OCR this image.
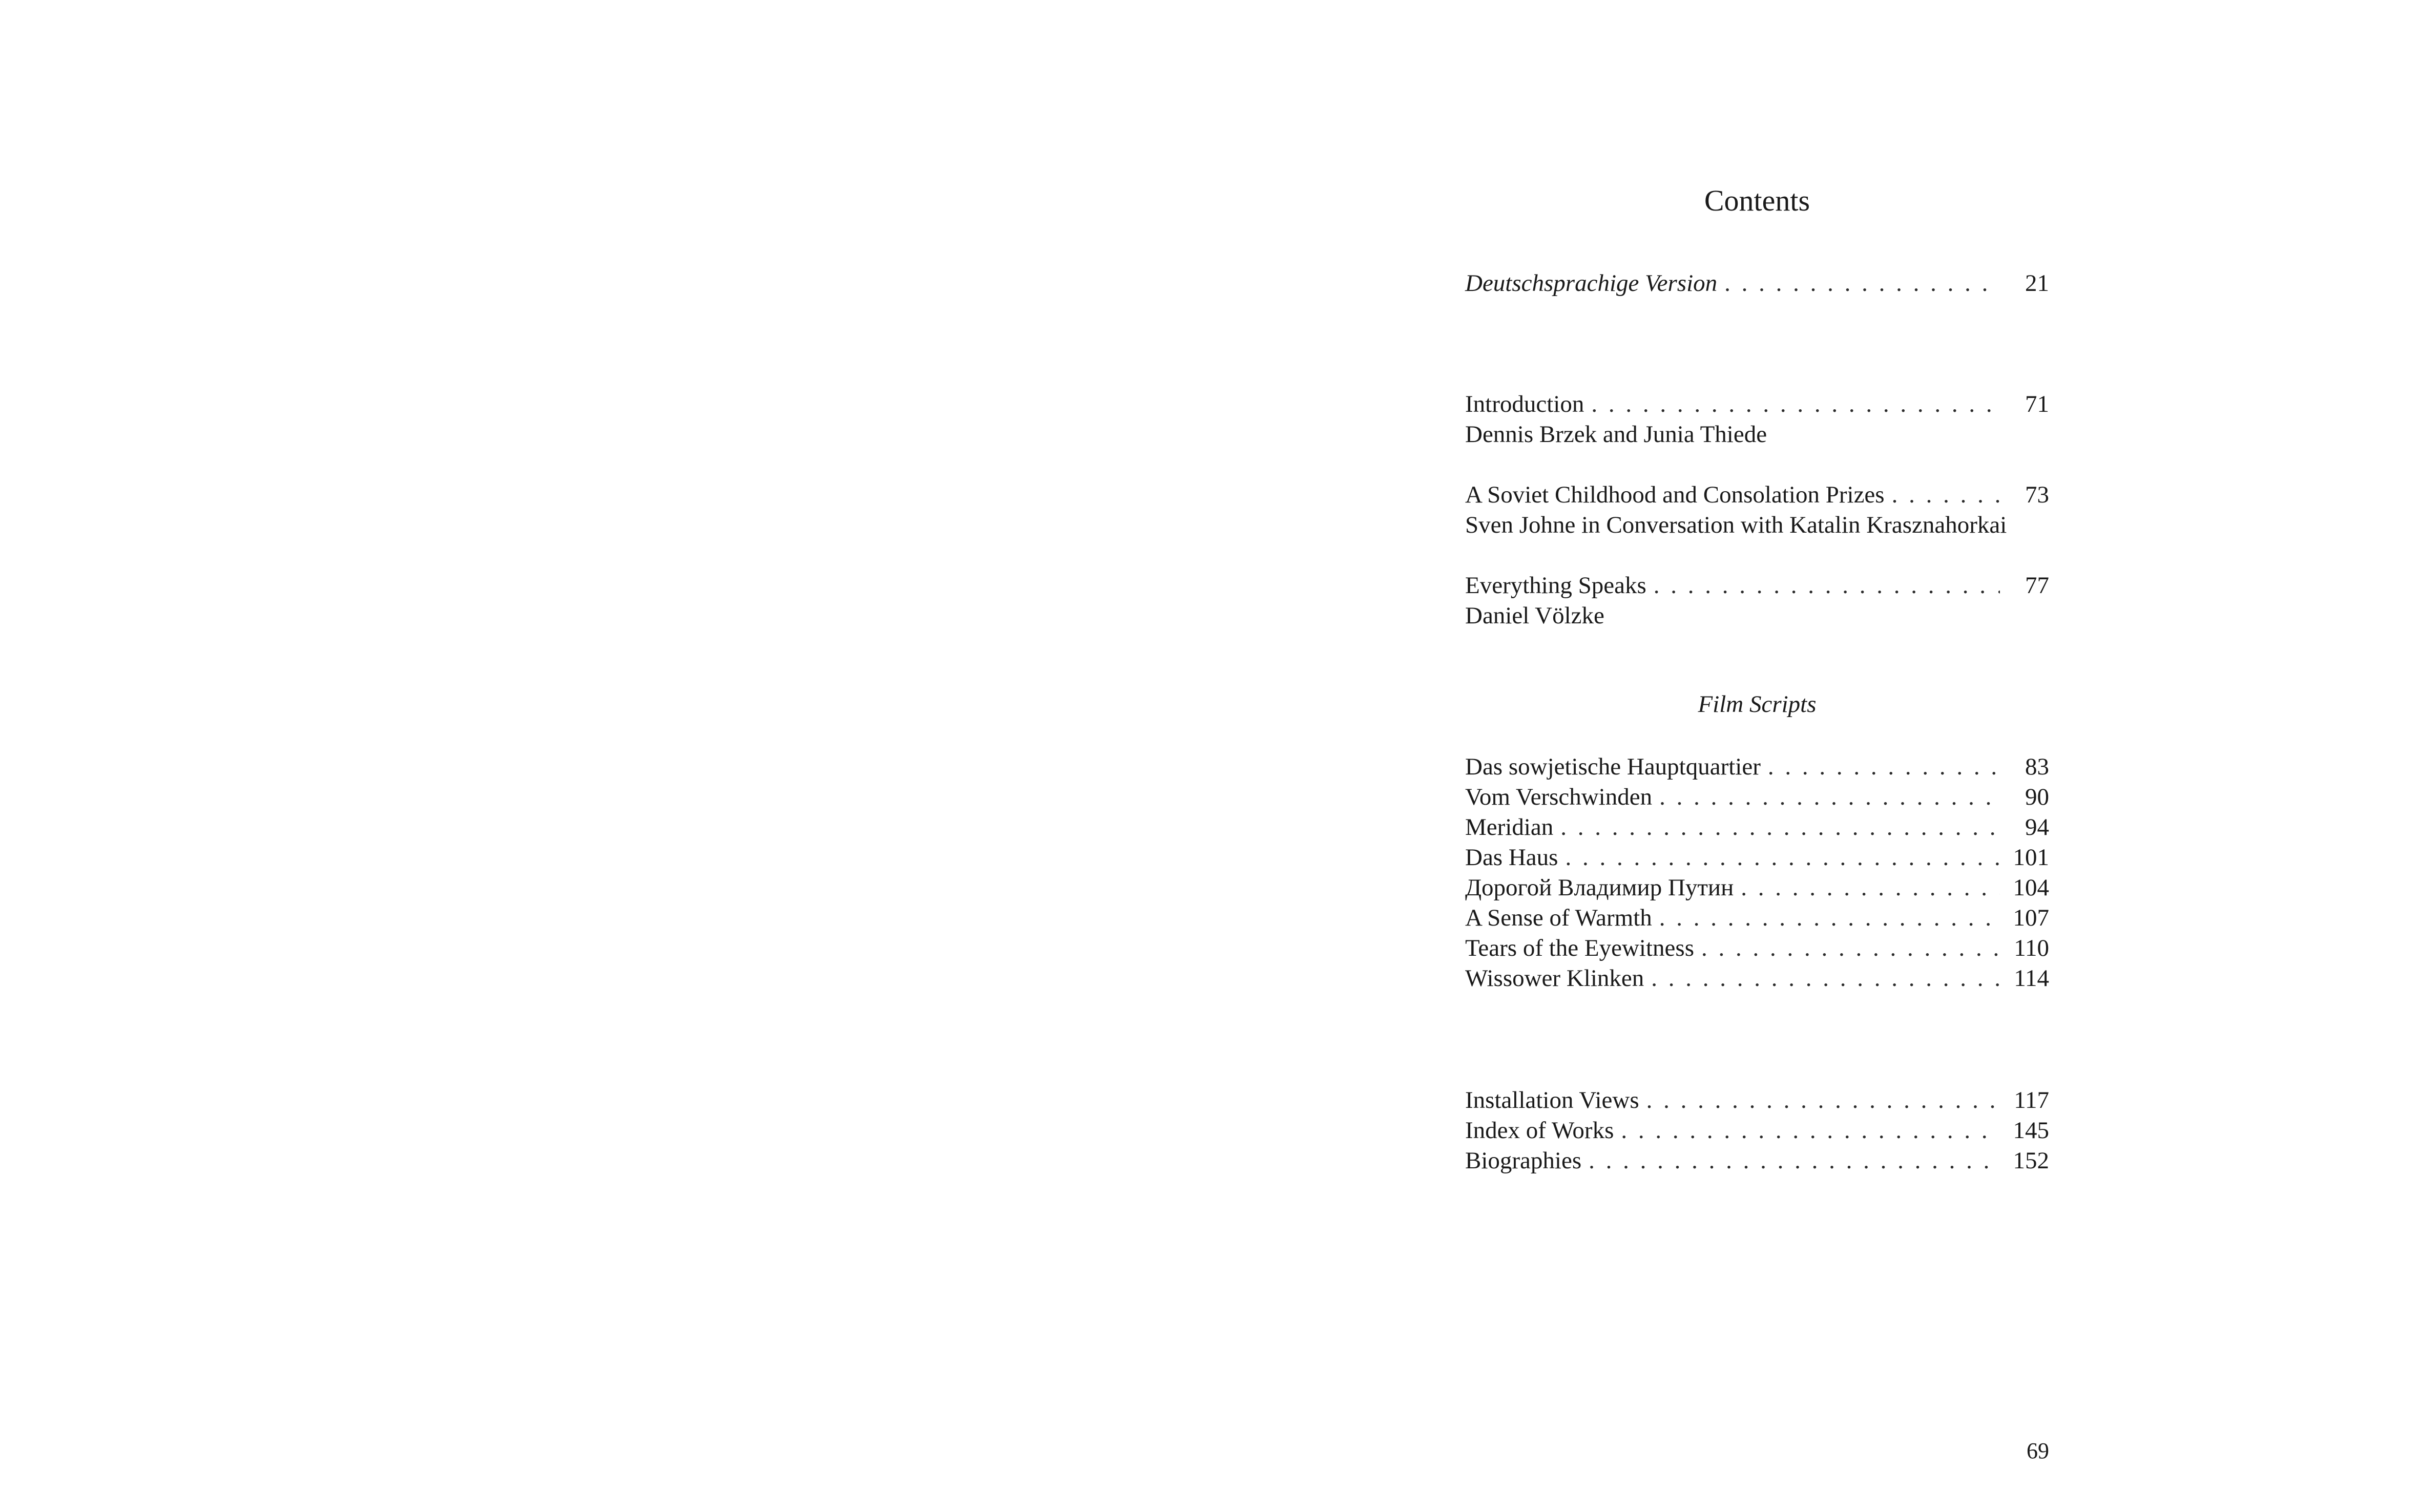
Contents
Deutschsprachige Version . . .	21
Introduction . . .	71
Dennis Brzek and Junia Thiede
A Soviet Childhood and Consolation Prizes . . .	73
Sven Johne in Conversation with Katalin Krasznahorkai
Everything Speaks . . .	77
Daniel Völzke
Film Scripts
Das sowjetische Hauptquartier . . .	83
Vom Verschwinden . . .	90
Meridian . . .	94
Das Haus . . .	101
Дорогой Владимир Путин . . .	104
A Sense of Warmth . . .	107
Tears of the Eyewitness . . .	110
Wissower Klinken . . .	114
Installation Views . . .	117
Index of Works . . .	145
Biographies . . .	152
69
